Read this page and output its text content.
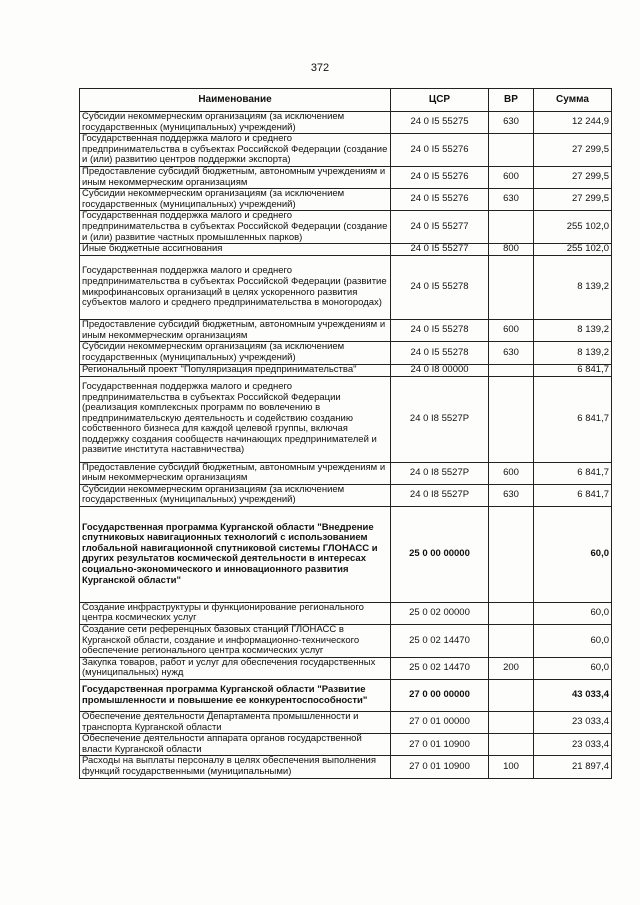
372
Наименование	ЦСР	ВР	Сумма
Субсидии некоммерческим организациям (за исключением государственных (муниципальных) учреждений)	24 0 I5 55275	630	12 244,9
Государственная поддержка малого и среднего предпринимательства в субъектах Российской Федерации (создание и (или) развитию центров поддержки экспорта)	24 0 I5 55276		27 299,5
Предоставление субсидий бюджетным, автономным учреждениям и иным некоммерческим организациям	24 0 I5 55276	600	27 299,5
Субсидии некоммерческим организациям (за исключением государственных (муниципальных) учреждений)	24 0 I5 55276	630	27 299,5
Государственная поддержка малого и среднего предпринимательства в субъектах Российской Федерации (создание и (или) развитие частных промышленных парков)	24 0 I5 55277		255 102,0
Иные бюджетные ассигнования	24 0 I5 55277	800	255 102,0
Государственная поддержка малого и среднего предпринимательства в субъектах Российской Федерации (развитие микрофинансовых организаций в целях ускоренного развития субъектов малого и среднего предпринимательства в моногородах)	24 0 I5 55278		8 139,2
Предоставление субсидий бюджетным, автономным учреждениям и иным некоммерческим организациям	24 0 I5 55278	600	8 139,2
Субсидии некоммерческим организациям (за исключением государственных (муниципальных) учреждений)	24 0 I5 55278	630	8 139,2
Региональный проект "Популяризация предпринимательства"	24 0 I8 00000		6 841,7
Государственная поддержка малого и среднего предпринимательства в субъектах Российской Федерации (реализация комплексных программ по вовлечению в предпринимательскую деятельность и содействию созданию собственного бизнеса для каждой целевой группы, включая поддержку создания сообществ начинающих предпринимателей и развитие института наставничества)	24 0 I8 5527P		6 841,7
Предоставление субсидий бюджетным, автономным учреждениям и иным некоммерческим организациям	24 0 I8 5527P	600	6 841,7
Субсидии некоммерческим организациям (за исключением государственных (муниципальных) учреждений)	24 0 I8 5527P	630	6 841,7
Государственная программа Курганской области "Внедрение спутниковых навигационных технологий с использованием глобальной навигационной спутниковой системы ГЛОНАСС и других результатов космической деятельности в интересах социально-экономического и инновационного развития Курганской области"	25 0 00 00000		60,0
Создание инфраструктуры и функционирование регионального центра космических услуг	25 0 02 00000		60,0
Создание сети референцных базовых станций ГЛОНАСС в Курганской области, создание и информационно-технического обеспечение регионального центра космических услуг	25 0 02 14470		60,0
Закупка товаров, работ и услуг для обеспечения государственных (муниципальных) нужд	25 0 02 14470	200	60,0
Государственная программа Курганской области "Развитие промышленности и повышение ее конкурентоспособности"	27 0 00 00000		43 033,4
Обеспечение деятельности Департамента промышленности и транспорта Курганской области	27 0 01 00000		23 033,4
Обеспечение деятельности аппарата органов государственной власти Курганской области	27 0 01 10900		23 033,4
Расходы на выплаты персоналу в целях обеспечения выполнения функций государственными (муниципальными)	27 0 01 10900	100	21 897,4
